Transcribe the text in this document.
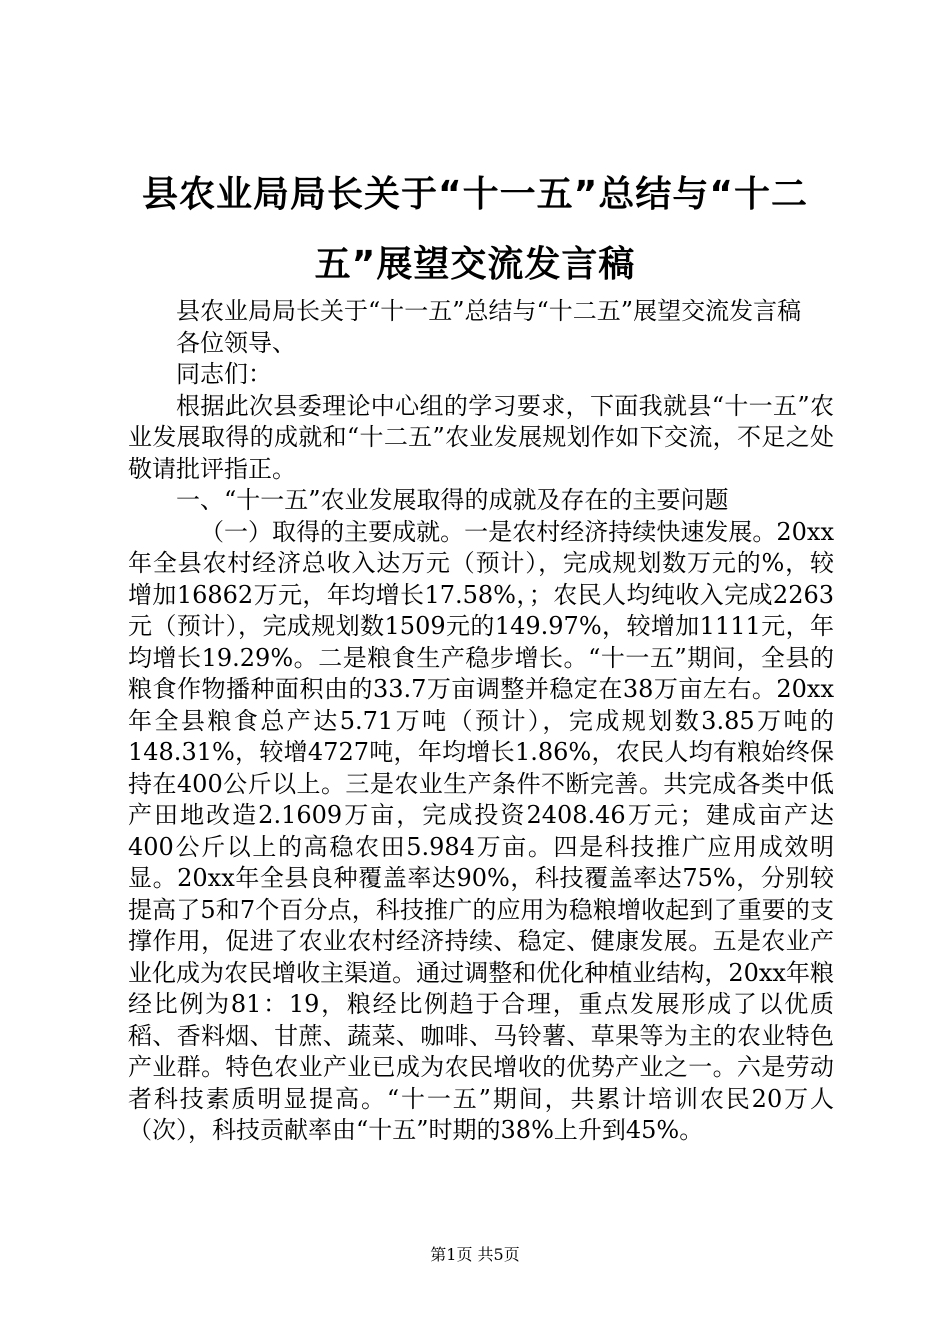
县农业局局长关于“十一五”总结与“十二五”展望交流发言稿

县农业局局长关于“十一五”总结与“十二五”展望交流发言稿

各位领导、

同志们：

根据此次县委理论中心组的学习要求，下面我就县“十一五”农业发展取得的成就和“十二五”农业发展规划作如下交流，不足之处敬请批评指正。

一、“十一五”农业发展取得的成就及存在的主要问题

（一）取得的主要成就。一是农村经济持续快速发展。20xx年全县农村经济总收入达万元（预计），完成规划数万元的%，较增加16862万元，年均增长17.58%，；农民人均纯收入完成2263元（预计），完成规划数1509元的149.97%，较增加1111元，年均增长19.29%。二是粮食生产稳步增长。“十一五”期间，全县的粮食作物播种面积由的33.7万亩调整并稳定在38万亩左右。20xx年全县粮食总产达5.71万吨（预计），完成规划数3.85万吨的148.31%，较增4727吨，年均增长1.86%，农民人均有粮始终保持在400公斤以上。三是农业生产条件不断完善。共完成各类中低产田地改造2.1609万亩，完成投资2408.46万元；建成亩产达400公斤以上的高稳农田5.984万亩。四是科技推广应用成效明显。20xx年全县良种覆盖率达90%，科技覆盖率达75%，分别较提高了5和7个百分点，科技推广的应用为稳粮增收起到了重要的支撑作用，促进了农业农村经济持续、稳定、健康发展。五是农业产业化成为农民增收主渠道。通过调整和优化种植业结构，20xx年粮经比例为81：19，粮经比例趋于合理，重点发展形成了以优质稻、香料烟、甘蔗、蔬菜、咖啡、马铃薯、草果等为主的农业特色产业群。特色农业产业已成为农民增收的优势产业之一。六是劳动者科技素质明显提高。“十一五”期间，共累计培训农民20万人（次），科技贡献率由“十五”时期的38%上升到45%。

第1页 共5页
